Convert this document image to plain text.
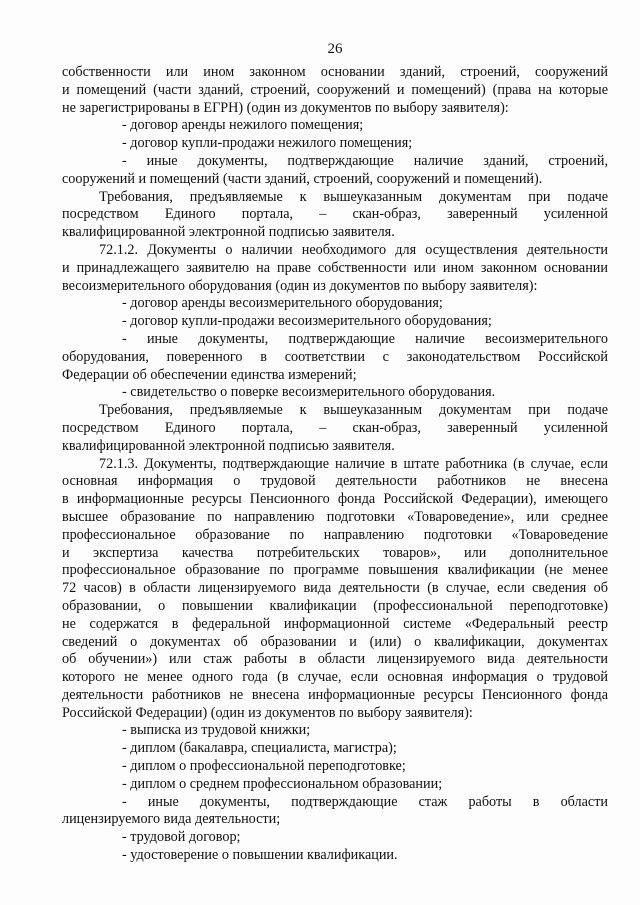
26
собственности или ином законном основании зданий, строений, сооружений
и помещений (части зданий, строений, сооружений и помещений) (права на которые
не зарегистрированы в ЕГРН) (один из документов по выбору заявителя):
- договор аренды нежилого помещения;
- договор купли-продажи нежилого помещения;
- иные документы, подтверждающие наличие зданий, строений,
сооружений и помещений (части зданий, строений, сооружений и помещений).
Требования, предъявляемые к вышеуказанным документам при подаче
посредством Единого портала, – скан-образ, заверенный усиленной
квалифицированной электронной подписью заявителя.
72.1.2. Документы о наличии необходимого для осуществления деятельности
и принадлежащего заявителю на праве собственности или ином законном основании
весоизмерительного оборудования (один из документов по выбору заявителя):
- договор аренды весоизмерительного оборудования;
- договор купли-продажи весоизмерительного оборудования;
- иные документы, подтверждающие наличие весоизмерительного
оборудования, поверенного в соответствии с законодательством Российской
Федерации об обеспечении единства измерений;
- свидетельство о поверке весоизмерительного оборудования.
Требования, предъявляемые к вышеуказанным документам при подаче
посредством Единого портала, – скан-образ, заверенный усиленной
квалифицированной электронной подписью заявителя.
72.1.3. Документы, подтверждающие наличие в штате работника (в случае, если
основная информация о трудовой деятельности работников не внесена
в информационные ресурсы Пенсионного фонда Российской Федерации), имеющего
высшее образование по направлению подготовки «Товароведение», или среднее
профессиональное образование по направлению подготовки «Товароведение
и экспертиза качества потребительских товаров», или дополнительное
профессиональное образование по программе повышения квалификации (не менее
72 часов) в области лицензируемого вида деятельности (в случае, если сведения об
образовании, о повышении квалификации (профессиональной переподготовке)
не содержатся в федеральной информационной системе «Федеральный реестр
сведений о документах об образовании и (или) о квалификации, документах
об обучении») или стаж работы в области лицензируемого вида деятельности
которого не менее одного года (в случае, если основная информация о трудовой
деятельности работников не внесена информационные ресурсы Пенсионного фонда
Российской Федерации) (один из документов по выбору заявителя):
- выписка из трудовой книжки;
- диплом (бакалавра, специалиста, магистра);
- диплом о профессиональной переподготовке;
- диплом о среднем профессиональном образовании;
- иные документы, подтверждающие стаж работы в области
лицензируемого вида деятельности;
- трудовой договор;
- удостоверение о повышении квалификации.
